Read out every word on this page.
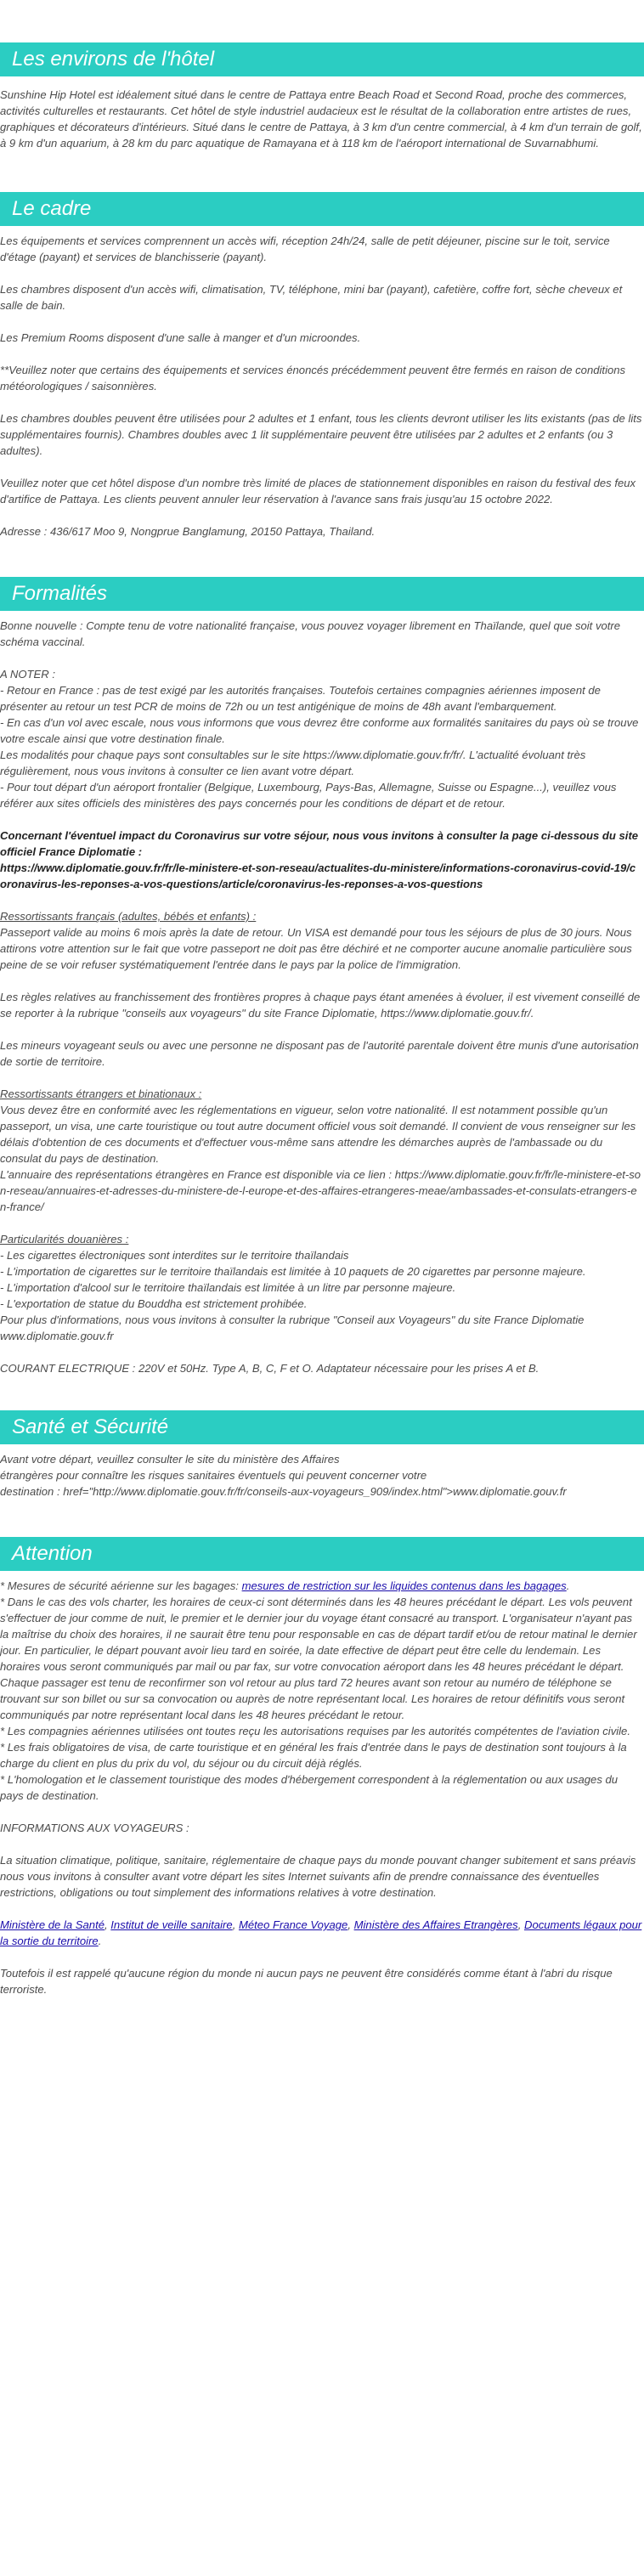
Les environs de l'hôtel

Sunshine Hip Hotel est idéalement situé dans le centre de Pattaya entre Beach Road et Second Road, proche des commerces, activités culturelles et restaurants. Cet hôtel de style industriel audacieux est le résultat de la collaboration entre artistes de rues, graphiques et décorateurs d'intérieurs. Situé dans le centre de Pattaya, à 3 km d'un centre commercial, à 4 km d'un terrain de golf, à 9 km d'un aquarium, à 28 km du parc aquatique de Ramayana et à 118 km de l'aéroport international de Suvarnabhumi.

Le cadre

Les équipements et services comprennent un accès wifi, réception 24h/24, salle de petit déjeuner, piscine sur le toit, service d'étage (payant) et services de blanchisserie (payant).

Les chambres disposent d'un accès wifi, climatisation, TV, téléphone, mini bar (payant), cafetière, coffre fort, sèche cheveux et salle de bain.

Les Premium Rooms disposent d'une salle à manger et d'un microondes.

**Veuillez noter que certains des équipements et services énoncés précédemment peuvent être fermés en raison de conditions météorologiques / saisonnières.

Les chambres doubles peuvent être utilisées pour 2 adultes et 1 enfant, tous les clients devront utiliser les lits existants (pas de lits supplémentaires fournis). Chambres doubles avec 1 lit supplémentaire peuvent être utilisées par 2 adultes et 2 enfants (ou 3 adultes).

Veuillez noter que cet hôtel dispose d'un nombre très limité de places de stationnement disponibles en raison du festival des feux d'artifice de Pattaya. Les clients peuvent annuler leur réservation à l'avance sans frais jusqu'au 15 octobre 2022.

Adresse : 436/617 Moo 9, Nongprue Banglamung, 20150 Pattaya, Thailand.

Formalités

Bonne nouvelle : Compte tenu de votre nationalité française, vous pouvez voyager librement en Thaïlande, quel que soit votre schéma vaccinal.

A NOTER :

- Retour en France : pas de test exigé par les autorités françaises. Toutefois certaines compagnies aériennes imposent de présenter au retour un test PCR de moins de 72h ou un test antigénique de moins de 48h avant l'embarquement.

- En cas d'un vol avec escale, nous vous informons que vous devrez être conforme aux formalités sanitaires du pays où se trouve votre escale ainsi que votre destination finale.

Les modalités pour chaque pays sont consultables sur le site https://www.diplomatie.gouv.fr/fr/. L'actualité évoluant très régulièrement, nous vous invitons à consulter ce lien avant votre départ.

- Pour tout départ d'un aéroport frontalier (Belgique, Luxembourg, Pays-Bas, Allemagne, Suisse ou Espagne...), veuillez vous référer aux sites officiels des ministères des pays concernés pour les conditions de départ et de retour.

Concernant l'éventuel impact du Coronavirus sur votre séjour, nous vous invitons à consulter la page ci-dessous du site officiel France Diplomatie :

https://www.diplomatie.gouv.fr/fr/le-ministere-et-son-reseau/actualites-du-ministere/informations-coronavirus-covid-19/coronavirus-les-reponses-a-vos-questions/article/coronavirus-les-reponses-a-vos-questions

Ressortissants français (adultes, bébés et enfants) :

Passeport valide au moins 6 mois après la date de retour. Un VISA est demandé pour tous les séjours de plus de 30 jours. Nous attirons votre attention sur le fait que votre passeport ne doit pas être déchiré et ne comporter aucune anomalie particulière sous peine de se voir refuser systématiquement l'entrée dans le pays par la police de l'immigration.

Les règles relatives au franchissement des frontières propres à chaque pays étant amenées à évoluer, il est vivement conseillé de se reporter à la rubrique "conseils aux voyageurs" du site France Diplomatie, https://www.diplomatie.gouv.fr/.

Les mineurs voyageant seuls ou avec une personne ne disposant pas de l'autorité parentale doivent être munis d'une autorisation de sortie de territoire.

Ressortissants étrangers et binationaux :

Vous devez être en conformité avec les réglementations en vigueur, selon votre nationalité. Il est notamment possible qu'un passeport, un visa, une carte touristique ou tout autre document officiel vous soit demandé. Il convient de vous renseigner sur les délais d'obtention de ces documents et d'effectuer vous-même sans attendre les démarches auprès de l'ambassade ou du consulat du pays de destination.

L'annuaire des représentations étrangères en France est disponible via ce lien : https://www.diplomatie.gouv.fr/fr/le-ministere-et-son-reseau/annuaires-et-adresses-du-ministere-de-l-europe-et-des-affaires-etrangeres-meae/ambassades-et-consulats-etrangers-en-france/

Particularités douanières :

- Les cigarettes électroniques sont interdites sur le territoire thaïlandais

- L'importation de cigarettes sur le territoire thaïlandais est limitée à 10 paquets de 20 cigarettes par personne majeure.

- L'importation d'alcool sur le territoire thaïlandais est limitée à un litre par personne majeure.

- L'exportation de statue du Bouddha est strictement prohibée.

Pour plus d'informations, nous vous invitons à consulter la rubrique "Conseil aux Voyageurs" du site France Diplomatie www.diplomatie.gouv.fr

COURANT ELECTRIQUE : 220V et 50Hz. Type A, B, C, F et O. Adaptateur nécessaire pour les prises A et B.

Santé et Sécurité

Avant votre départ, veuillez consulter le site du ministère des Affaires

étrangères pour connaître les risques sanitaires éventuels qui peuvent concerner votre

destination : href="http://www.diplomatie.gouv.fr/fr/conseils-aux-voyageurs_909/index.html">www.diplomatie.gouv.fr

Attention

* Mesures de sécurité aérienne sur les bagages: mesures de restriction sur les liquides contenus dans les bagages.

* Dans le cas des vols charter, les horaires de ceux-ci sont déterminés dans les 48 heures précédant le départ. Les vols peuvent s'effectuer de jour comme de nuit, le premier et le dernier jour du voyage étant consacré au transport. L'organisateur n'ayant pas la maîtrise du choix des horaires, il ne saurait être tenu pour responsable en cas de départ tardif et/ou de retour matinal le dernier jour. En particulier, le départ pouvant avoir lieu tard en soirée, la date effective de départ peut être celle du lendemain. Les horaires vous seront communiqués par mail ou par fax, sur votre convocation aéroport dans les 48 heures précédant le départ. Chaque passager est tenu de reconfirmer son vol retour au plus tard 72 heures avant son retour au numéro de téléphone se trouvant sur son billet ou sur sa convocation ou auprès de notre représentant local. Les horaires de retour définitifs vous seront communiqués par notre représentant local dans les 48 heures précédant le retour.

* Les compagnies aériennes utilisées ont toutes reçu les autorisations requises par les autorités compétentes de l'aviation civile.

* Les frais obligatoires de visa, de carte touristique et en général les frais d'entrée dans le pays de destination sont toujours à la charge du client en plus du prix du vol, du séjour ou du circuit déjà réglés.

* L'homologation et le classement touristique des modes d'hébergement correspondent à la réglementation ou aux usages du pays de destination.

INFORMATIONS AUX VOYAGEURS :

La situation climatique, politique, sanitaire, réglementaire de chaque pays du monde pouvant changer subitement et sans préavis nous vous invitons à consulter avant votre départ les sites Internet suivants afin de prendre connaissance des éventuelles restrictions, obligations ou tout simplement des informations relatives à votre destination.

Ministère de la Santé, Institut de veille sanitaire, Méteo France Voyage, Ministère des Affaires Etrangères, Documents légaux pour la sortie du territoire.

Toutefois il est rappelé qu'aucune région du monde ni aucun pays ne peuvent être considérés comme étant à l'abri du risque terroriste.
